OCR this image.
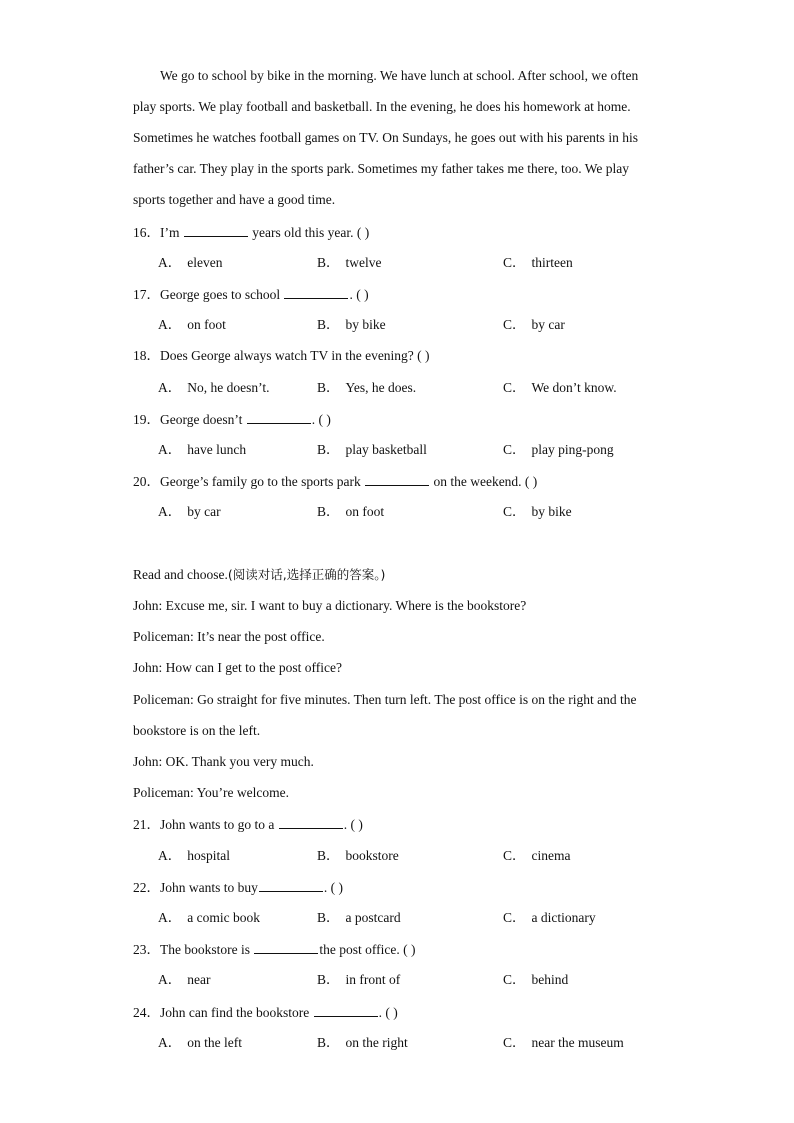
We go to school by bike in the morning. We have lunch at school. After school, we often
play sports. We play football and basketball. In the evening, he does his homework at home.
Sometimes he watches football games on TV. On Sundays, he goes out with his parents in his
father’s car. They play in the sports park. Sometimes my father takes me there, too. We play
sports together and have a good time.
16．I’m	years old this year. ( )
A． eleven	B． twelve	C． thirteen
17．George goes to school	. ( )
A． on foot	B． by bike	C． by car
18．Does George always watch TV in the evening? ( )
A． No, he doesn’t.	B． Yes, he does.	C． We don’t know.
19．George doesn’t	. ( )
A． have lunch	B． play basketball	C． play ping-pong
20．George’s family go to the sports park	on the weekend. ( )
A． by car	B． on foot	C． by bike
Read and choose.(阅读对话,选择正确的答案。)
John: Excuse me, sir. I want to buy a dictionary. Where is the bookstore?
Policeman: It’s near the post office.
John: How can I get to the post office?
Policeman: Go straight for five minutes. Then turn left. The post office is on the right and the
bookstore is on the left.
John: OK. Thank you very much.
Policeman: You’re welcome.
21．John wants to go to a	. ( )
A． hospital	B． bookstore	C． cinema
22．John wants to buy	. ( )
A． a comic book	B． a postcard	C． a dictionary
23．The bookstore is	the post office. ( )
A． near	B． in front of	C． behind
24．John can find the bookstore	. ( )
A． on the left	B． on the right	C． near the museum
